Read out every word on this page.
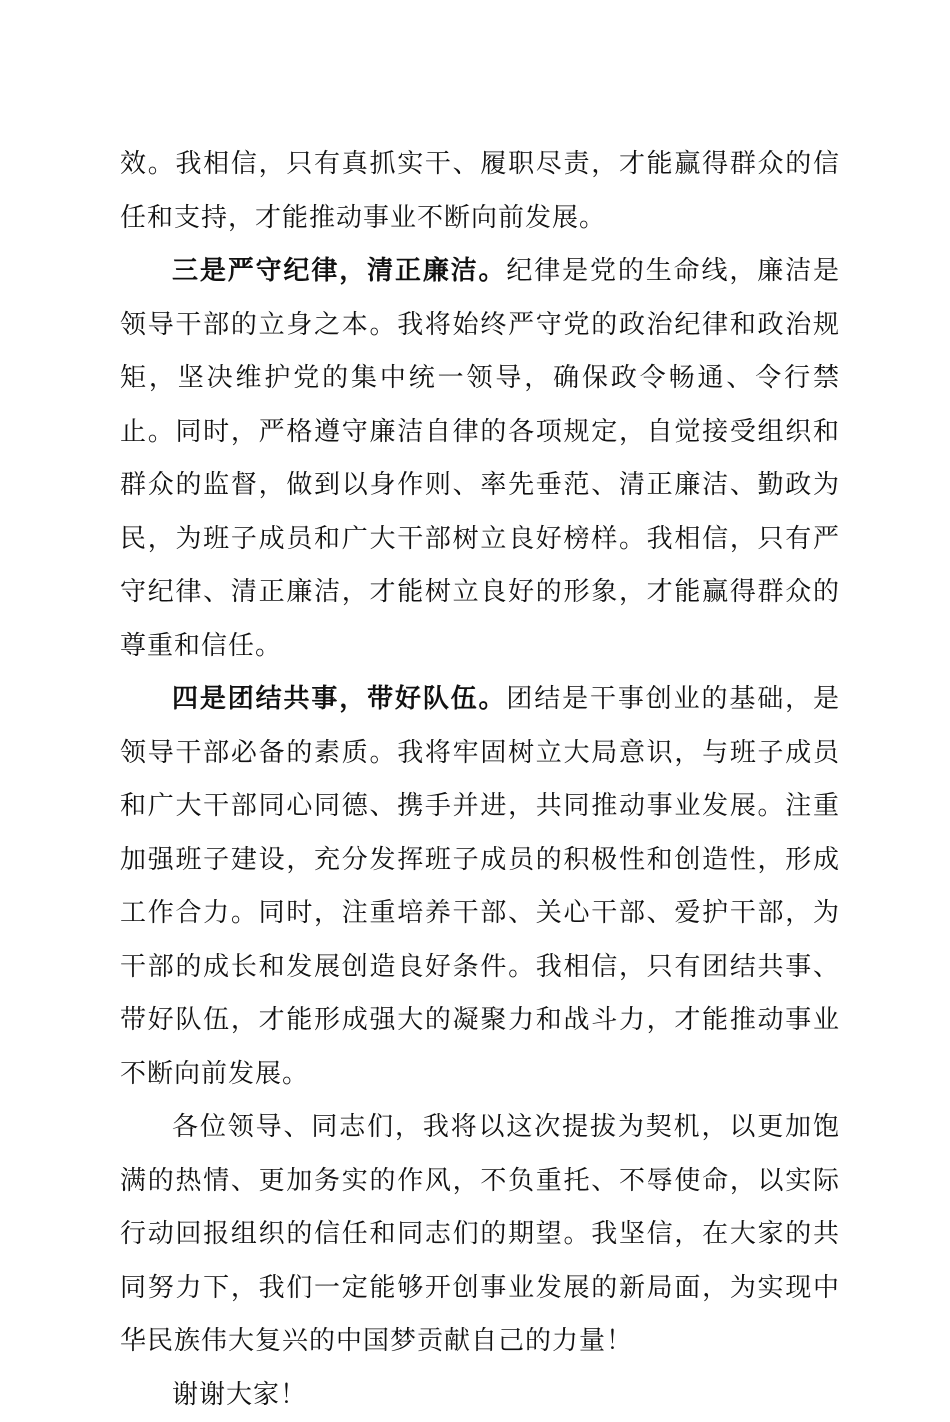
效。我相信，只有真抓实干、履职尽责，才能赢得群众的信任和支持，才能推动事业不断向前发展。

三是严守纪律，清正廉洁。纪律是党的生命线，廉洁是领导干部的立身之本。我将始终严守党的政治纪律和政治规矩，坚决维护党的集中统一领导，确保政令畅通、令行禁止。同时，严格遵守廉洁自律的各项规定，自觉接受组织和群众的监督，做到以身作则、率先垂范、清正廉洁、勤政为民，为班子成员和广大干部树立良好榜样。我相信，只有严守纪律、清正廉洁，才能树立良好的形象，才能赢得群众的尊重和信任。

四是团结共事，带好队伍。团结是干事创业的基础，是领导干部必备的素质。我将牢固树立大局意识，与班子成员和广大干部同心同德、携手并进，共同推动事业发展。注重加强班子建设，充分发挥班子成员的积极性和创造性，形成工作合力。同时，注重培养干部、关心干部、爱护干部，为干部的成长和发展创造良好条件。我相信，只有团结共事、带好队伍，才能形成强大的凝聚力和战斗力，才能推动事业不断向前发展。

各位领导、同志们，我将以这次提拔为契机，以更加饱满的热情、更加务实的作风，不负重托、不辱使命，以实际行动回报组织的信任和同志们的期望。我坚信，在大家的共同努力下，我们一定能够开创事业发展的新局面，为实现中华民族伟大复兴的中国梦贡献自己的力量！

谢谢大家！
